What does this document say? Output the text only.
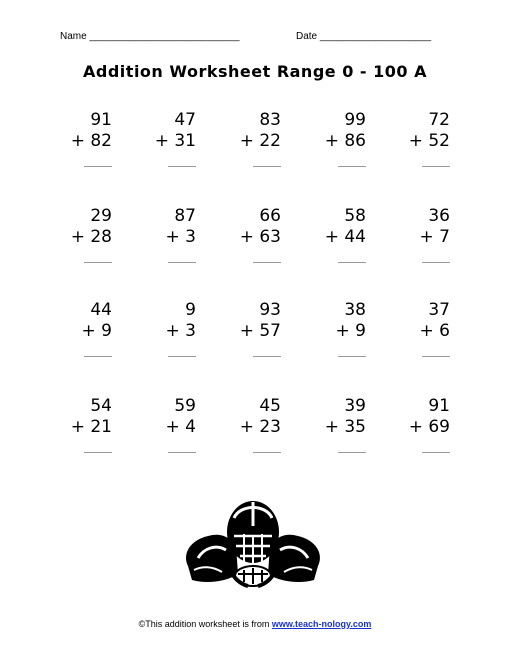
Name ___________________________	Date ____________________
Addition Worksheet Range 0 - 100 A
91
+ 82
47
+ 31
83
+ 22
99
+ 86
72
+ 52
29
+ 28
87
+ 3
66
+ 63
58
+ 44
36
+ 7
44
+ 9
9
+ 3
93
+ 57
38
+ 9
37
+ 6
54
+ 21
59
+ 4
45
+ 23
39
+ 35
91
+ 69
©This addition worksheet is from www.teach-nology.com
